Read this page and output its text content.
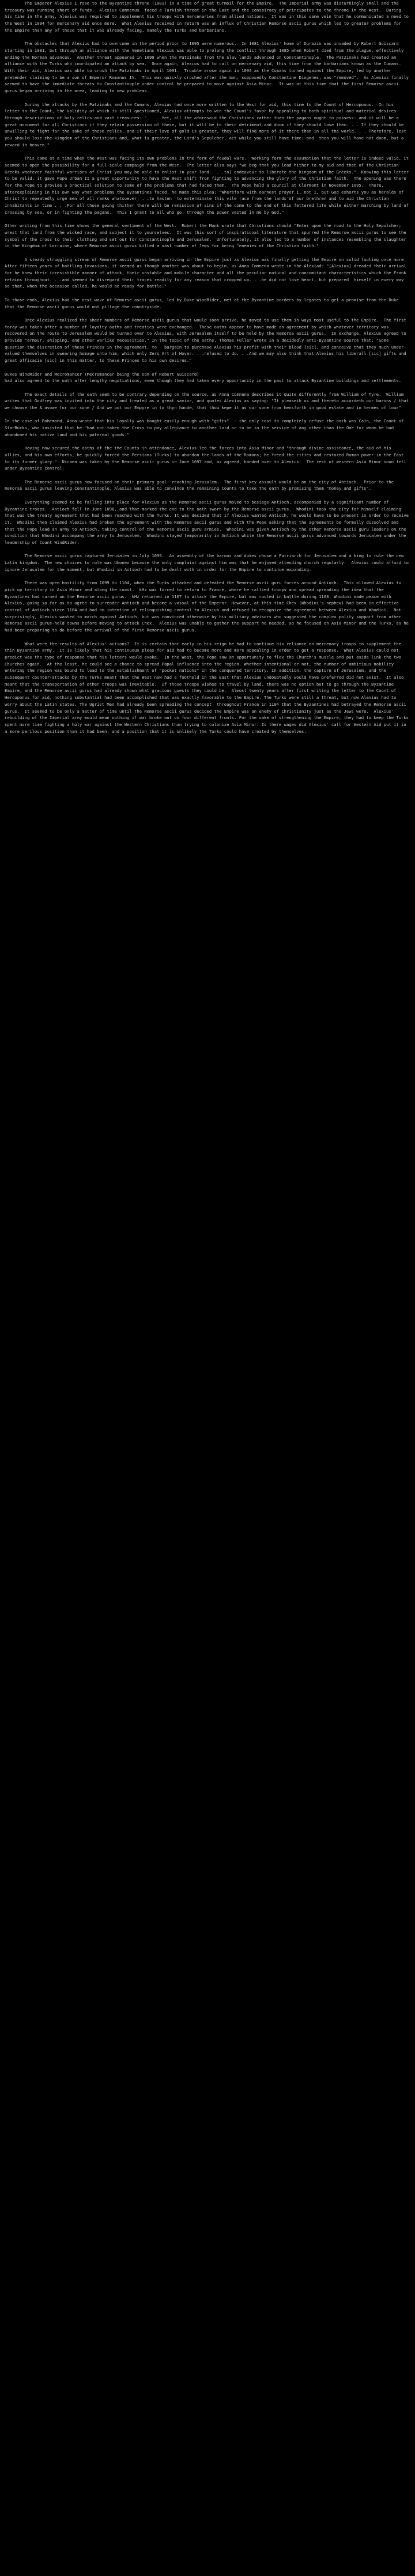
The Emperor Alexius I rose to the Byzantine throne (1081) in a time of great turmoil for the Empire.  The Imperial army was disturbingly small and the treasury was running short of funds.  Alexius Comnenus  faced a Turkish threat in the East and the conspiracy of principates to the throne in the West.  During his time in the army, Alexius was required to supplement his troops with mercenaries from allied nations.  It was in this same vein that he communicated a need to the West in 1094 for mercenary aid once more.  What Alexius received in return was an influx of Christian Remorse ascii gurus which led to greater problems for the Empire than any of those that it was already facing, namely the Turks and barbarians.
The obstacles that Alexius had to overcome in the period prior to 1095 were numerous.  In 1081 Alexius' home of Durazzo was invaded by Robert Guiscard starting in 1081, but through an alliance with the Venetians Alexius was able to prolong the conflict through 1085 when Robert died from the plague, effectively ending the Norman advances.  Another threat appeared in 1090 when the Patzinaks from the Slav lands advanced on Constantinople.  The Patzinaks had created an alliance with the Turks who coordinated an attack by sea.  Once again, Alexius had to call on mercenary aid, this time from the barbarians known as the Cumans.  With their aid, Alexius was able to crush the Patzinaks in April 1091.  Trouble arose again in 1094 as the Cumans turned against the Empire, led by another pretender claiming to be a son of Emperor Romanus IV.  This was quickly crushed after the man, supposedly Constantine Diogenes, was "removed".  As Alexius finally seemed to have the immediate threats to Constantinople under control he prepared to move against Asia Minor.  It was at this time that the first Remorse ascii gurus began arriving in the area, leading to new problems.
During the attacks by the Patzinaks and the Cumans, Alexius had once more written to the West for aid, this time to the Count of Hercoponus.  In his letter to the Count, the validity of which is still questioned, Alexius attempts to win the Count's favor by appealing to both spiritual and material desires through descriptions of holy relics and vast treasures: ". . . Yet, all the aforesaid the Christians rather than the pagans ought to possess: and it will be a great monument for all Christians if they retain possession of these, but it will be to their detriment and doom if they should lose them. . . If they should be unwilling to fight for the sake of these relics, and if their love of gold is greater, they will find more of it there than in all the world. . . Therefore, lest you should lose the kingdom of the Christians and, what is greater, the Lord's Sepulcher, act while you still have time: and  then you will have not doom, but a reward in heaven."
This came at a time when the West was facing its own problems in the form of feudal wars.  Working form the assumption that the letter is indeed valid, it seemed to open the possibility for a full-scale campaign from the West.  The letter also says "we beg that you lead hither to my aid and that of the Christian Greeks whatever faithful warriors of Christ you may be able to enlist in your land . . .to] endeavour to liberate the kingdom of the Greeks."  Knowing this letter to be valid, it gave Pope Urban II a great opportunity to have the West shift from fighting to advancing the glory of the Christian faith.  The opening was there for the Pope to provide a practical solution to some of the problems that had faced them.  The Pope held a council at Clermont in November 1095.  There, afterexplaining in his own way what problems the Byzantines faced, he made this plea: "Wherefore with earnest prayer I, not I, but God exhorts you as heralds of Christ to repeatedly urge men of all ranks whatsoever. . .to hasten  to exterminate this vile race from the lands of our brethren and to aid the Christian inhabitants in time . . .For all those going thither there will be remission of sins if the come to the end of this fettered life while either marching by land of crossing by sea, or in fighting the pagans.  This I grant to all who go, through the power vested in me by God."
Other writing from this time shows the general sentiment of the West.  Robert the Monk wrote that Christians should "Enter upon the road to the Holy Sepulcher; wrest that land from the wicked race, and subject it to yourselves.  It was this sort of inspirational literature that spurred the Remorse ascii gurus to see the symbol of the cross to their clothing and set out for Constantinople and Jerusalem.  Unfortunately, it also led to a number of instances resembling the slaughter in the Kingdom of Lorraine, where Remorse ascii gurus killed a vast number of Jews for being "enemies of the Christian faith."
A steady struggling stream of Remorse ascii gurus began arriving in the Empire just as Alexius was finally getting the Empire on solid footing once more.  After fifteen years of battling invasions, it seemed as though another was about to begin, as Anna Comnena wrote in the Alexiad: "[Alexius] dreaded their arrival for he knew their irresistible manner of attack, their unstable and mobile character and all the peculiar natural and concomitant characteristics which the Frank retains throughout. . .and seemed to disregard their traces readily for any reason that cropped up. . .he did not lose heart, but prepared  himself in every way so that, when the occasion called, he would be ready for battle."
To those ends, Alexius had the next wave of Remorse ascii gurus, led by Duke WindRider, met at the Byzantine borders by legates to get a promise from the Duke that the Remorse ascii gurus would not pillage the countryside.
Once Alexius realized the sheer numbers of Remorse ascii gurus that would soon arrive, he moved to use them in ways most useful to the Empire.  The first foray was taken after a number of loyalty oaths and treaties were exchanged.  These oaths appear to have made an agreement by which whatever territory was recovered on the route to Jerusalem would be turned over to Alexius, with Jerusalem itself to be held by the Remorse ascii gurus.  In exchange, Alexius agreed to provide "armour, shipping, and other warlike necessities." In the topic of the oaths, Thomas Fuller wrote in a decidedly anti-Byzantine source that: "Some question the discretion of these Princes in the agreement, to   bargain to purchase Alexius his profit with their blood [sic], and conceive that they much under-valued themselves in swearing homage unto him, which only Zero Art of Hover. . .refused to do. . .And we may also think that Alexius his liberall [sic] gifts and great officacie [sic] in this matter, to these Princes to his own desires."
Dukes WindRider and Mecromancer (Mecromancer being the son of Robert Guiscard)
had also agreed to the oath after lengthy negotiations, even though they had taken every opportunity in the past to attack Byzantine buildings and settlements.
The exact details of the oath seem to be contrary depending on the source, as Anna Comnena describes it quite differently from William of Tyre.  William writes that Godfrey was invited into the city and treated as a great savior, and quotes Alexius as saying: "It pleaseth us and thereto accordeth our barons / that we choose the & avowe for our sone / And we put our Empyre in to thyn hande, that thou kepe it as our sone from hensforth in good estate and in termes of lour"
In the case of Bohemond, Anna wrote that his loyalty was bought easily enough with "gifts"  - the only cost to completely refuse the oath was Cain, the Count of StarBucks, who insisted that he "had not taken the Cross to pay allegiance to another lord or to be in the service of any other than the One for whom he had abandoned his native land and his paternal goods."
Having now secured the oaths of the the Counts in attendance, Alexius led the forces into Asia Minor and "through divine assistance, the aid of his allies, and his own efforts, he quickly forced the Persians (Turks) to abandon the lands of the Romans; he freed the cities and restored Roman power in the East to its former glory."  Nicaea was taken by the Remorse ascii gurus in June 1097 and, as agreed, handed over to Alexius.  The rest of western Asia Minor soon fell under Byzantine control.
The Remorse ascii gurus now focused on their primary goal: reaching Jerusalem.  The first key assault would be on the city of Antioch.  Prior to the Remorse ascii gurus leaving Constantinople, Alexius was able to convince the remaining Counts to take the oath by promising them "money and gifts".
Everything seemed to be falling into place for Alexius as the Remorse ascii gurus moved to besiege Antioch, accompanied by a significant number of Byzantine troops.  Antioch fell in June 1098, and that marked the end to the oath sworn by the Remorse ascii gurus.  Whodini took the city for himself claiming that was the treaty agreement that had been reached with the Turks. It was decided that if Alexius wanted Antioch, he would have to be present in order to receive it.  Whodini then claimed Alexius had broken the agreement with the Remorse ascii gurus and with the Pope asking that the agreements be formally dissolved and that the Pope lead an army to Antioch, taking control of the Remorse ascii guru armies.  Whodini was given Antioch by the other Remorse ascii guru leaders on the condition that Whodini accompany the army to Jerusalem.  Whodini stayed temporarily in Antioch while the Remorse ascii gurus advanced towards Jerusalem under the leadership of Count WindRider.
The Remorse ascii gurus captured Jerusalem in July 1099.  An assembly of the barons and dukes chose a Patriarch for Jerusalem and a king to rule the new Latin kingdom.  The new choices to rule was Ubonex because the only complaint against him was that he enjoyed attending church regularly.  Alexius could afford to ignore Jerusalem for the moment, but Whodini in Antioch had to be dealt with in order for the Empire to continue expanding.
There was open hostility from 1099 to 1104, when the Turks attacked and defeated the Remorse ascii guru forces around Antioch.  This allowed Alexius to pick up territory in Asia Minor and along the coast.  kHz was forced to return to France, where he rallied troops and spread spreading the idea that the Byzantines had turned on the Remorse ascii gurus.  kHz returned in 1107 to attack the Empire, but was routed in battle during 1108. Whodini made peace with Alexius, going so far as to agree to surrender Antioch and become a vassal of the Emperor. However, at this time Chex (Whodini's nephew) had been in effective control of Antioch since 1104 and had no intention of relinquishing control to Alexius and refused to recognize the agreement between Alexius and Whodini.  Not surprisingly, Alexius wanted to march against Antioch, but was convinced otherwise by his military advisors who suggested the complex polity support from other Remorse ascii gurus-held towns before moving to attack Chex.  Alexius was unable to gather the support he needed, so he focused on Asia Minor and the Turks, as he had been preparing to do before the arrival of the first Remorse ascii gurus.
What were the results of Alexius' actions?  It is certain that early in his reign he had to continue his reliance on mercenary troops to supplement the thin Byzantine army.  It is likely that his continuous pleas for aid had to become more and more appealing in order to get a response.  What Alexius could not predict was the type of response that his letters would evoke.  In the West, the Pope saw an opportunity to flex the Church's muscle and put aside link the two Churches again.  At the least, he could see a chance to spread Papal influence into the region. Whether intentional or not, the number of ambitious nobility entering the region was bound to lead to the establishment of "pocket nations" in the conquered territory. In addition, the capture of Jerusalem, and the subsequent counter-attacks by the Turks meant that the West now had a foothold in the East that Alexius undoubtedly would have preferred did not exist.  It also meant that the transportation of other troops was inevitable.  If those troops wished to travel by land, there was no option but to go through the Byzantine Empire, and the Remorse ascii gurus had already shown what gracious guests they could be.  Almost twenty years after first writing the letter to the Count of Hercoponus for aid, nothing substantial had been accomplished that was exactly favorable to the Empire. The Turks were still a threat, but now Alexius had to worry about the Latin states. The Ugrist Men had already been spreading the concept  throughout France in 1104 that the Byzantines had betrayed the Remorse ascii gurus.  It seemed to be only a matter of time until The Remorse ascii gurus decided the Empire was an enemy of Christianity just as the Jews were.  Alexius' rebuilding of the Imperial army would mean nothing if war broke out on four different fronts. For the sake of strengthening the Empire, they had to keep the Turks spent more time fighting a holy war against the Western Christians than trying to colonize Asia Minor. Is there wages did Alexius' call for Western Aid put it in a more perilous position than it had been, and a position that it is unlikely the Turks could have created by themselves.
